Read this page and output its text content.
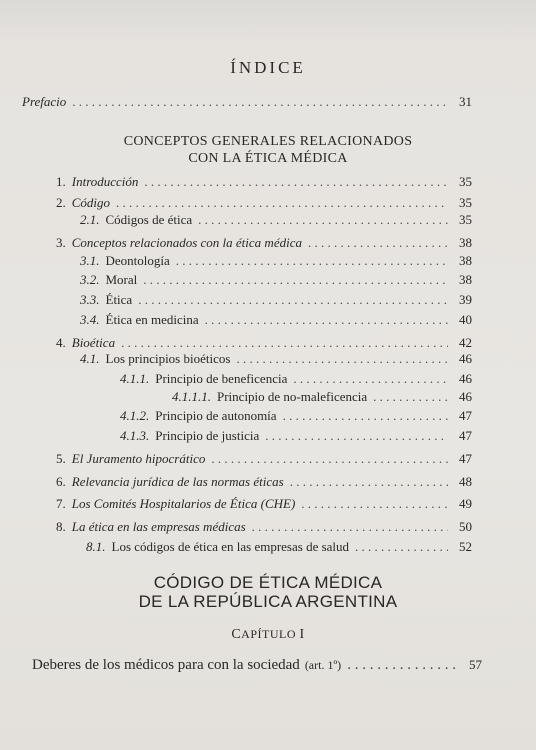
ÍNDICE
Prefacio . . .	31
CONCEPTOS GENERALES RELACIONADOS
CON LA ÉTICA MÉDICA
1. Introducción . . .	35
2. Código . . .	35
2.1. Códigos de ética . . .	35
3. Conceptos relacionados con la ética médica . . .	38
3.1. Deontología . . .	38
3.2. Moral . . .	38
3.3. Ética . . .	39
3.4. Ética en medicina . . .	40
4. Bioética . . .	42
4.1. Los principios bioéticos . . .	46
4.1.1. Principio de beneficencia . . .	46
4.1.1.1. Principio de no-maleficencia . . .	46
4.1.2. Principio de autonomía . . .	47
4.1.3. Principio de justicia . . .	47
5. El Juramento hipocrático . . .	47
6. Relevancia jurídica de las normas éticas . . .	48
7. Los Comités Hospitalarios de Ética (CHE) . . .	49
8. La ética en las empresas médicas . . .	50
8.1. Los códigos de ética en las empresas de salud . . .	52
CÓDIGO DE ÉTICA MÉDICA
DE LA REPÚBLICA ARGENTINA
CAPÍTULO I
Deberes de los médicos para con la sociedad (art. 1º) . . .	57
